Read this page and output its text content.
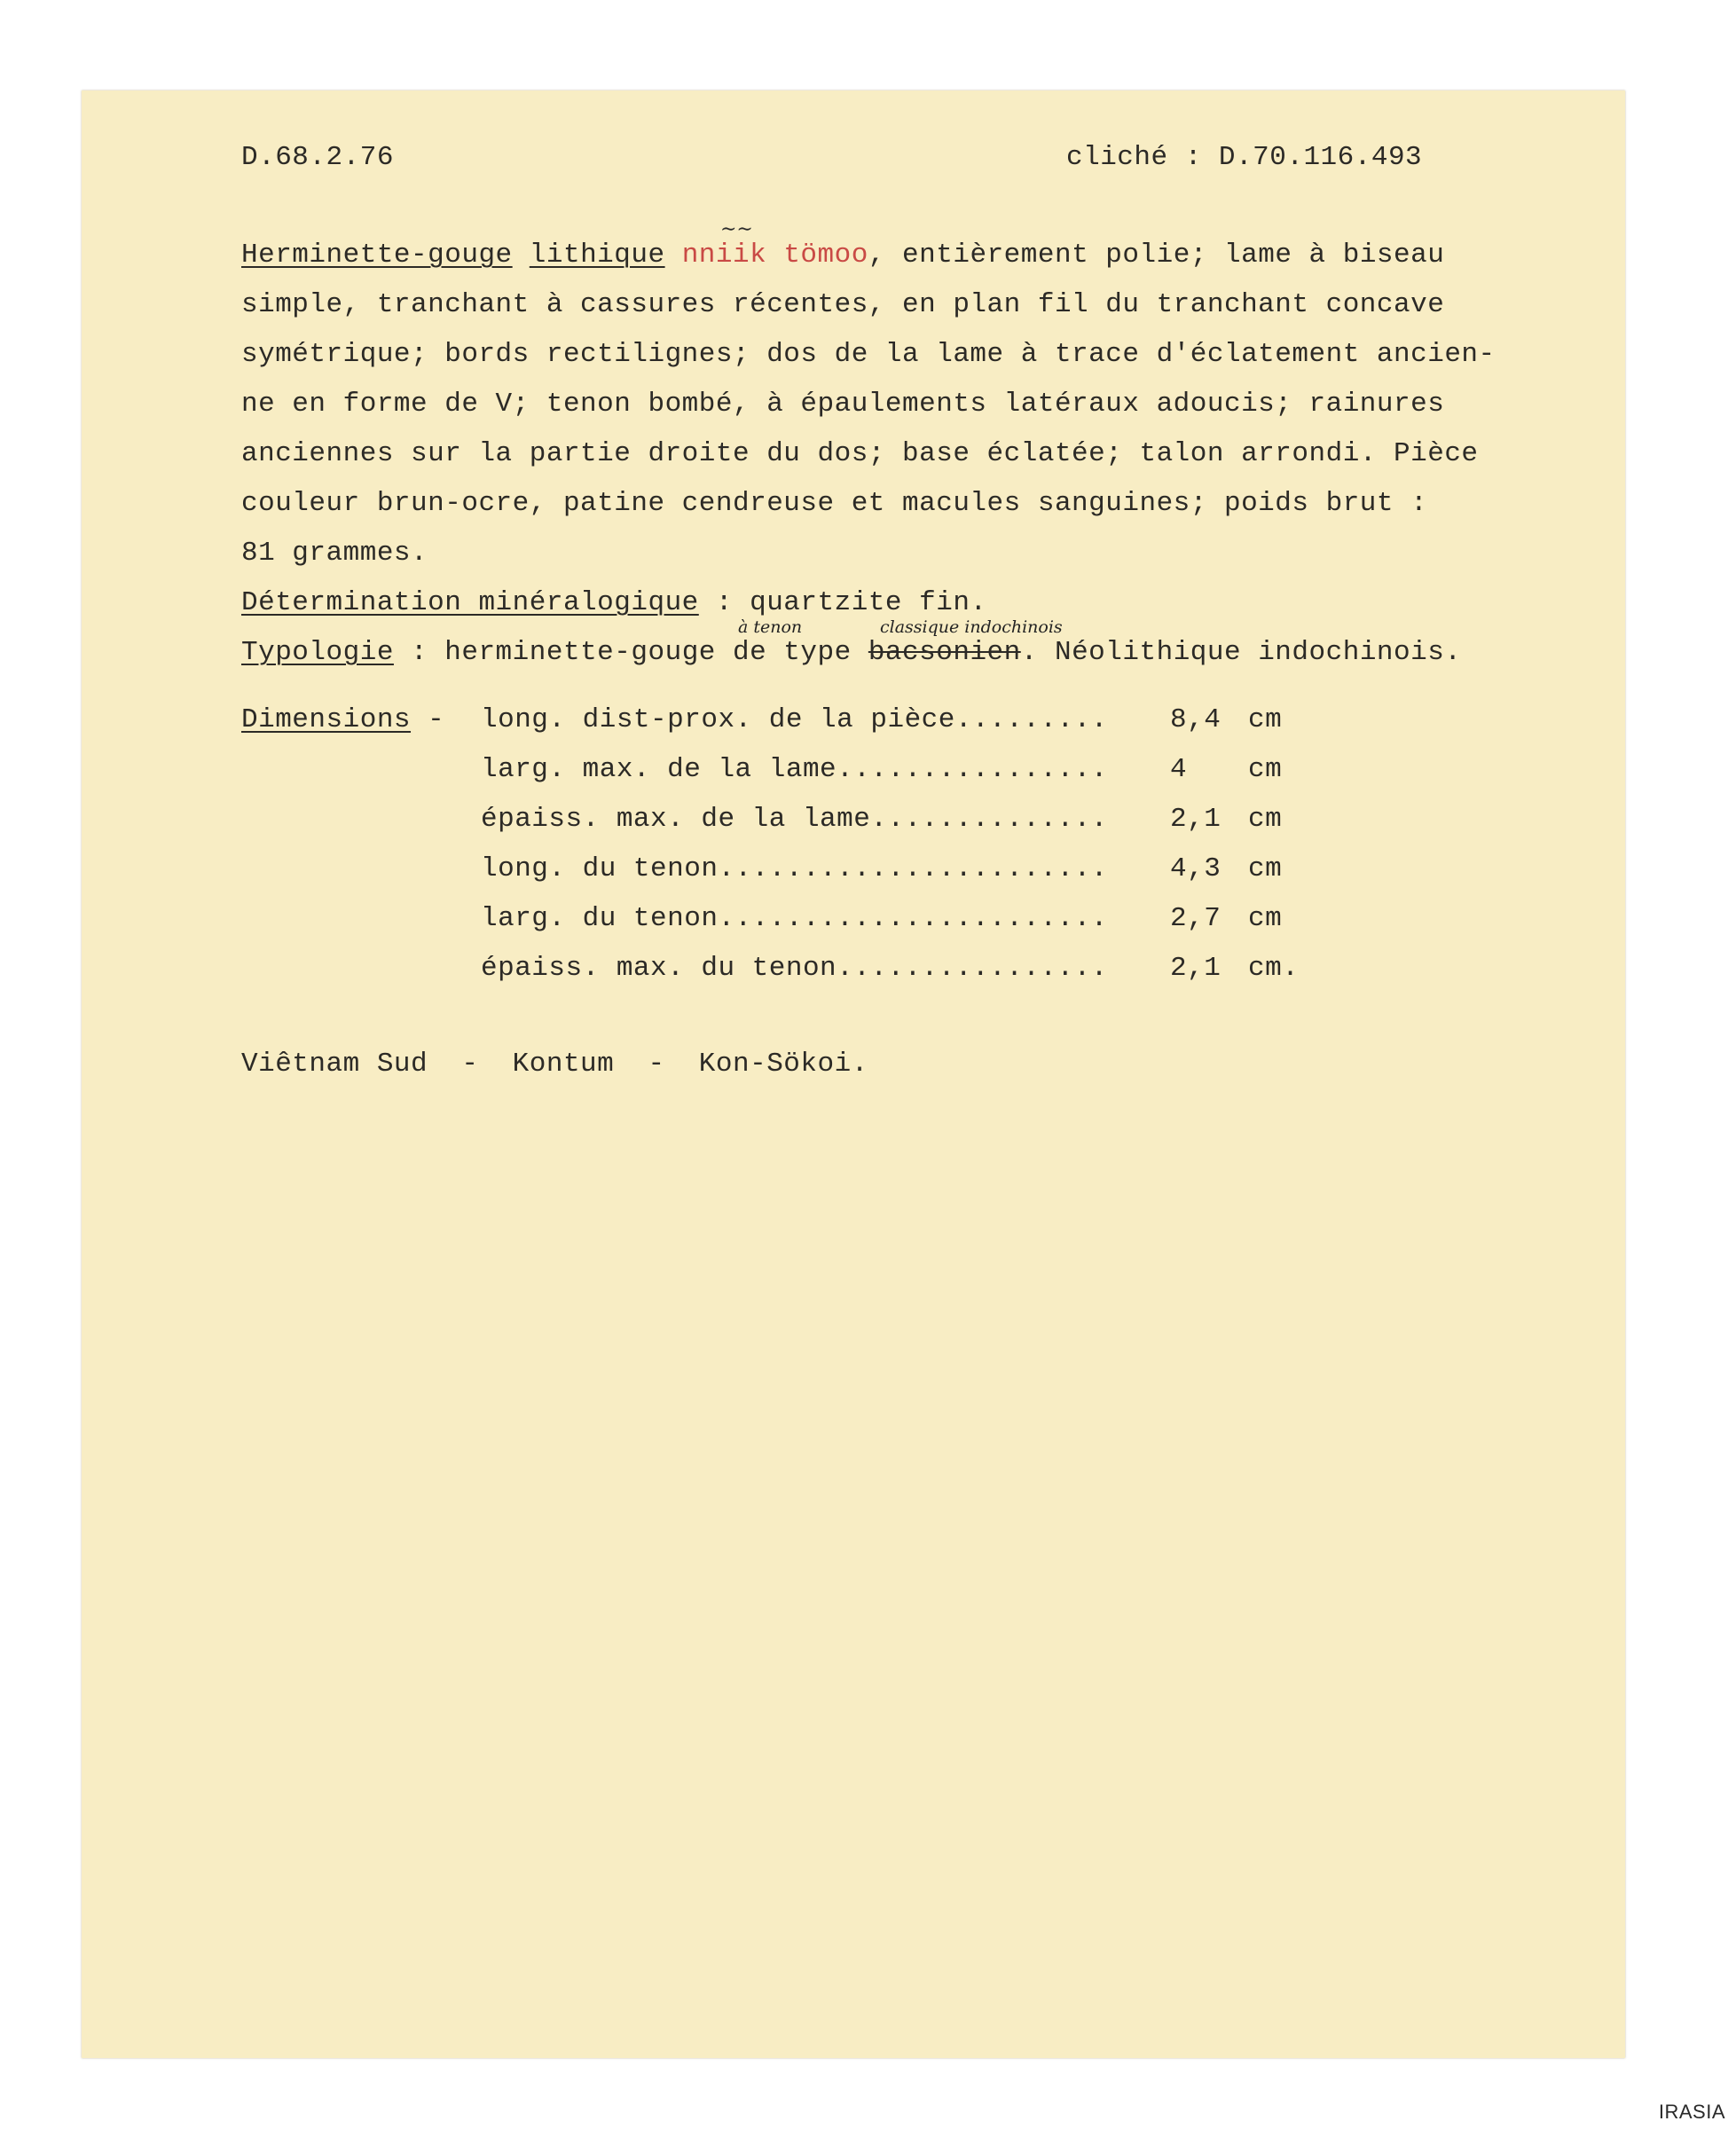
D.68.2.76	cliché : D.70.116.493
Herminette-gouge lithique nniik tömoo, entièrement polie; lame à biseau
∼∼
simple, tranchant à cassures récentes, en plan fil du tranchant concave
symétrique; bords rectilignes; dos de la lame à trace d'éclatement ancien-
ne en forme de V; tenon bombé, à épaulements latéraux adoucis; rainures
anciennes sur la partie droite du dos; base éclatée; talon arrondi. Pièce
couleur brun-ocre, patine cendreuse et macules sanguines; poids brut :
81 grammes.
Détermination minéralogique : quartzite fin.
à tenon	classique indochinois
Typologie : herminette-gouge de type bacsonien. Néolithique indochinois.
Dimensions - long. dist-prox. de la pièce......... 8,4 cm
larg. max. de la lame................ 4 cm
épaiss. max. de la lame.............. 2,1 cm
long. du tenon....................... 4,3 cm
larg. du tenon....................... 2,7 cm
épaiss. max. du tenon................ 2,1 cm.
Viêtnam Sud  -  Kontum  -  Kon-Sökoi.
IRASIA
